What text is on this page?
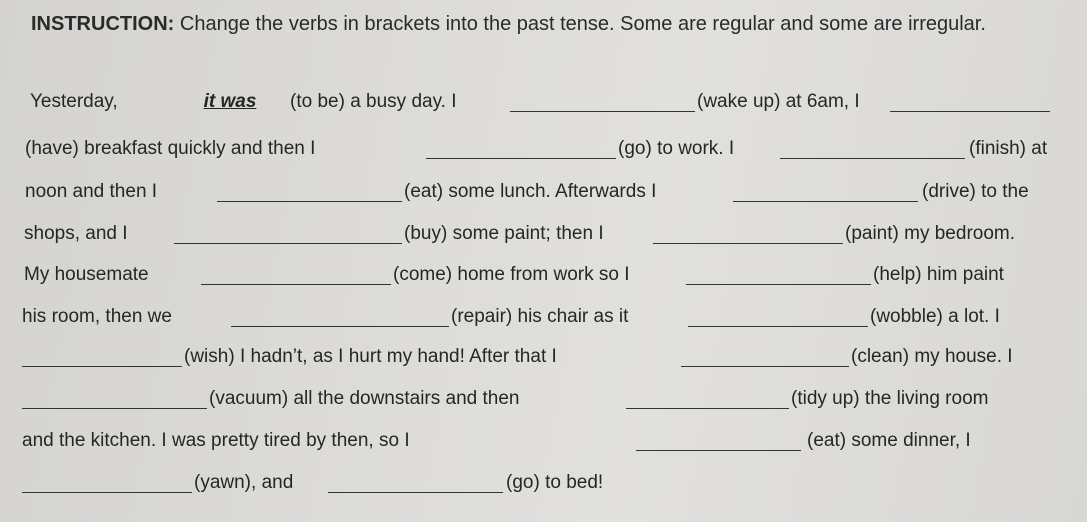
INSTRUCTION: Change the verbs in brackets into the past tense. Some are regular and some are irregular.
Yesterday,	it was	(to be) a busy day. I	(wake up) at 6am, I
(have) breakfast quickly and then I	(go) to work. I	(finish) at
noon and then I	(eat) some lunch. Afterwards I	(drive) to the
shops, and I	(buy) some paint; then I	(paint) my bedroom.
My housemate	(come) home from work so I	(help) him paint
his room, then we	(repair) his chair as it	(wobble) a lot. I
(wish) I hadn’t, as I hurt my hand! After that I	(clean) my house. I
(vacuum) all the downstairs and then	(tidy up) the living room
and the kitchen. I was pretty tired by then, so I	(eat) some dinner, I
(yawn), and	(go) to bed!
